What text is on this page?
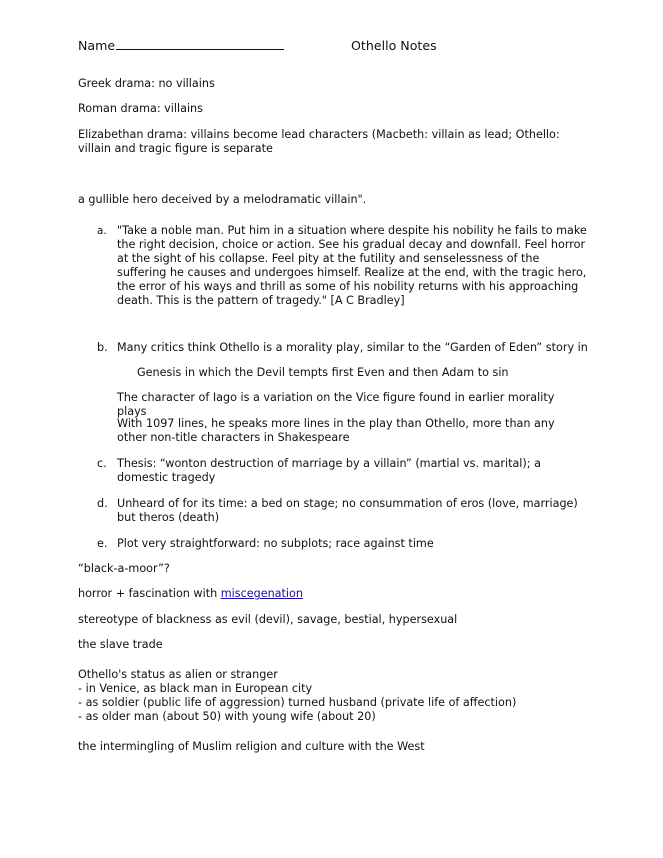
Name	Othello Notes

Greek drama: no villains

Roman drama: villains

Elizabethan drama: villains become lead characters (Macbeth: villain as lead; Othello: villain and tragic figure is separate

a gullible hero deceived by a melodramatic villain".

a. "Take a noble man. Put him in a situation where despite his nobility he fails to make the right decision, choice or action. See his gradual decay and downfall. Feel horror at the sight of his collapse. Feel pity at the futility and senselessness of the suffering he causes and undergoes himself. Realize at the end, with the tragic hero, the error of his ways and thrill as some of his nobility returns with his approaching death. This is the pattern of tragedy." [A C Bradley]
b. Many critics think Othello is a morality play, similar to the “Garden of Eden” story in

Genesis in which the Devil tempts first Even and then Adam to sin

The character of Iago is a variation on the Vice figure found in earlier morality plays

With 1097 lines, he speaks more lines in the play than Othello, more than any other non-title characters in Shakespeare

c. Thesis: “wonton destruction of marriage by a villain” (martial vs. marital); a domestic tragedy
d. Unheard of for its time: a bed on stage; no consummation of eros (love, marriage) but theros (death)
e. Plot very straightforward: no subplots; race against time

“black-a-moor”?

horror + fascination with miscegenation

stereotype of blackness as evil (devil), savage, bestial, hypersexual

the slave trade

Othello's status as alien or stranger

- in Venice, as black man in European city

- as soldier (public life of aggression) turned husband (private life of affection)

- as older man (about 50) with young wife (about 20)

the intermingling of Muslim religion and culture with the West
